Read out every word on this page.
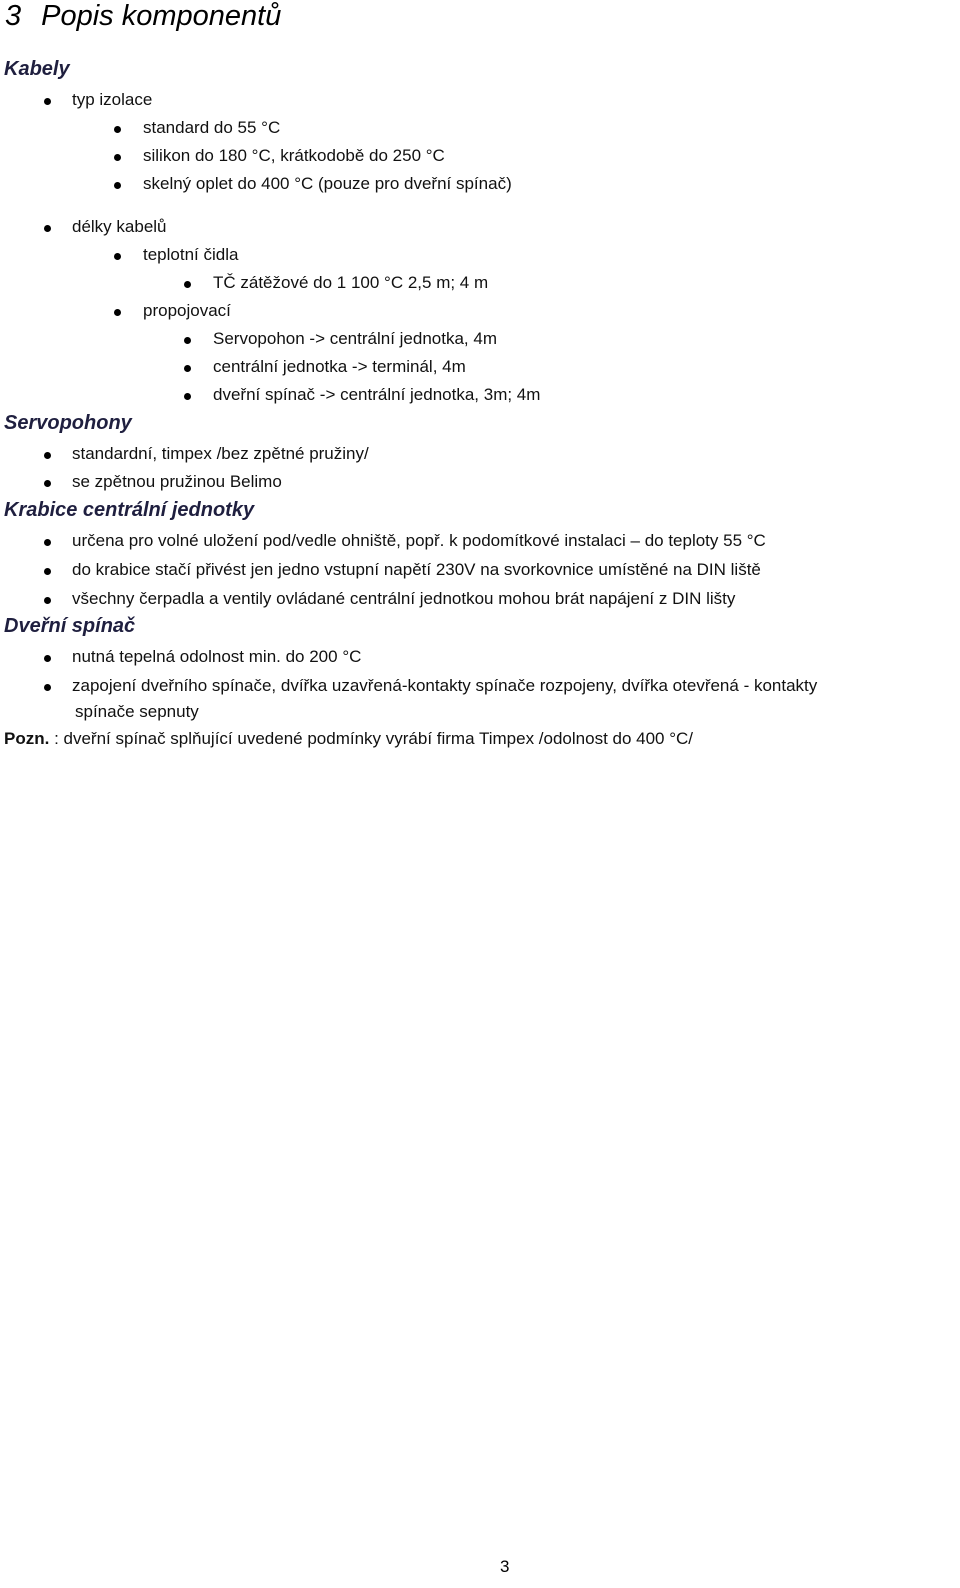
3 Popis komponentů
Kabely
typ izolace
standard do 55 °C
silikon do 180 °C, krátkodobě do 250 °C
skelný oplet do 400 °C (pouze pro dveřní spínač)
délky kabelů
teplotní čidla
TČ zátěžové do 1 100 °C 2,5 m; 4 m
propojovací
Servopohon -> centrální jednotka, 4m
centrální jednotka -> terminál, 4m
dveřní spínač -> centrální jednotka, 3m; 4m
Servopohony
standardní, timpex /bez zpětné pružiny/
se zpětnou pružinou Belimo
Krabice centrální jednotky
určena pro volné uložení pod/vedle ohniště, popř. k podomítkové instalaci – do teploty 55 °C
do krabice stačí přivést jen jedno vstupní napětí 230V na svorkovnice umístěné na DIN liště
všechny čerpadla a ventily ovládané centrální jednotkou mohou brát napájení z DIN lišty
Dveřní spínač
nutná tepelná odolnost min. do 200 °C
zapojení dveřního spínače, dvířka uzavřená-kontakty spínače rozpojeny, dvířka otevřená - kontakty
spínače sepnuty
Pozn. : dveřní spínač splňující uvedené podmínky vyrábí firma Timpex /odolnost do 400 °C/
3
